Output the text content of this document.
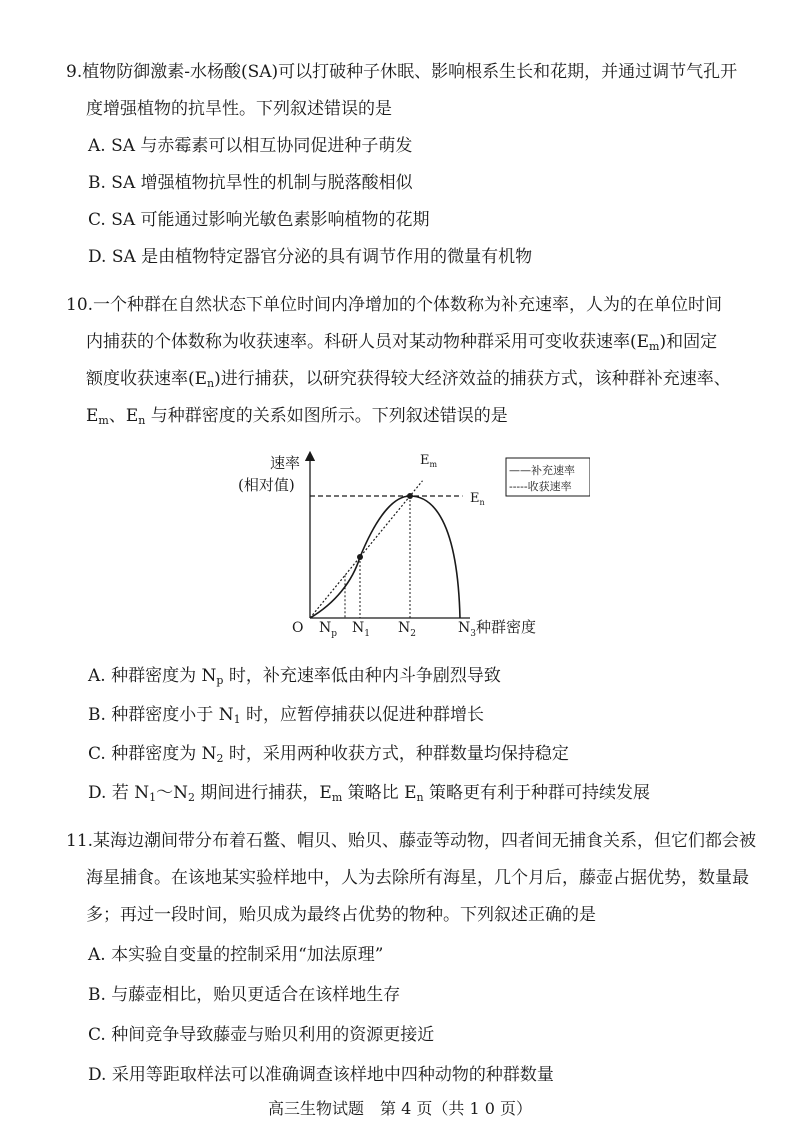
9.植物防御激素-水杨酸(SA)可以打破种子休眠、影响根系生长和花期，并通过调节气孔开
度增强植物的抗旱性。下列叙述错误的是
A. SA 与赤霉素可以相互协同促进种子萌发
B. SA 增强植物抗旱性的机制与脱落酸相似
C. SA 可能通过影响光敏色素影响植物的花期
D. SA 是由植物特定器官分泌的具有调节作用的微量有机物
10.一个种群在自然状态下单位时间内净增加的个体数称为补充速率，人为的在单位时间
内捕获的个体数称为收获速率。科研人员对某动物种群采用可变收获速率$(E_m)$和固定
额度收获速率$(E_n)$进行捕获，以研究获得较大经济效益的捕获方式，该种群补充速率、
$E_m$、$E_n$ 与种群密度的关系如图所示。下列叙述错误的是
速率
(相对值)
O $N_p$ $N_1$ $N_2$	$N_3$种群密度
$E_m$
$E_n$
——补充速率
-----收获速率
A. 种群密度为 $N_p$ 时，补充速率低由种内斗争剧烈导致
B. 种群密度小于 $N_1$ 时，应暂停捕获以促进种群增长
C. 种群密度为 $N_2$ 时，采用两种收获方式，种群数量均保持稳定
D. 若 $N_1\sim N_2$ 期间进行捕获，$E_m$ 策略比 $E_n$ 策略更有利于种群可持续发展
11.某海边潮间带分布着石鳖、帽贝、贻贝、藤壶等动物，四者间无捕食关系，但它们都会被
海星捕食。在该地某实验样地中，人为去除所有海星，几个月后，藤壶占据优势，数量最
多；再过一段时间，贻贝成为最终占优势的物种。下列叙述正确的是
A. 本实验自变量的控制采用“加法原理”
B. 与藤壶相比，贻贝更适合在该样地生存
C. 种间竞争导致藤壶与贻贝利用的资源更接近
D. 采用等距取样法可以准确调查该样地中四种动物的种群数量
高三生物试题　第 4 页（共 1 0 页）
